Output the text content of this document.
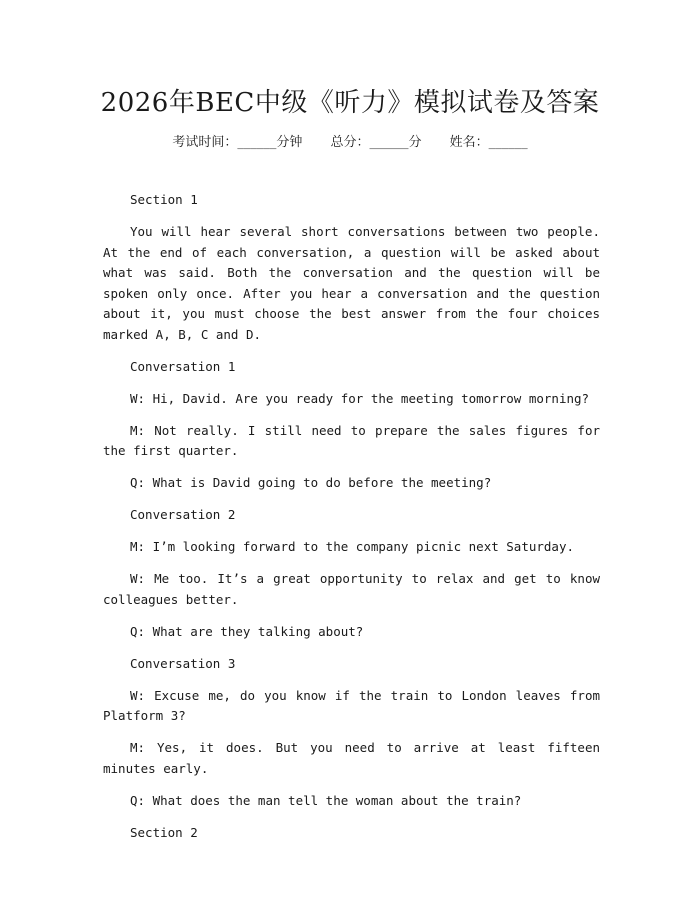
2026年BEC中级《听力》模拟试卷及答案
考试时间：______分钟 总分：______分 姓名：______

Section 1

You will hear several short conversations between two people. At the end of each conversation, a question will be asked about what was said. Both the conversation and the question will be spoken only once. After you hear a conversation and the question about it, you must choose the best answer from the four choices marked A, B, C and D.

Conversation 1

W: Hi, David. Are you ready for the meeting tomorrow morning?

M: Not really. I still need to prepare the sales figures for the first quarter.

Q: What is David going to do before the meeting?

Conversation 2

M: I’m looking forward to the company picnic next Saturday.

W: Me too. It’s a great opportunity to relax and get to know colleagues better.

Q: What are they talking about?

Conversation 3

W: Excuse me, do you know if the train to London leaves from Platform 3?

M: Yes, it does. But you need to arrive at least fifteen minutes early.

Q: What does the man tell the woman about the train?

Section 2
